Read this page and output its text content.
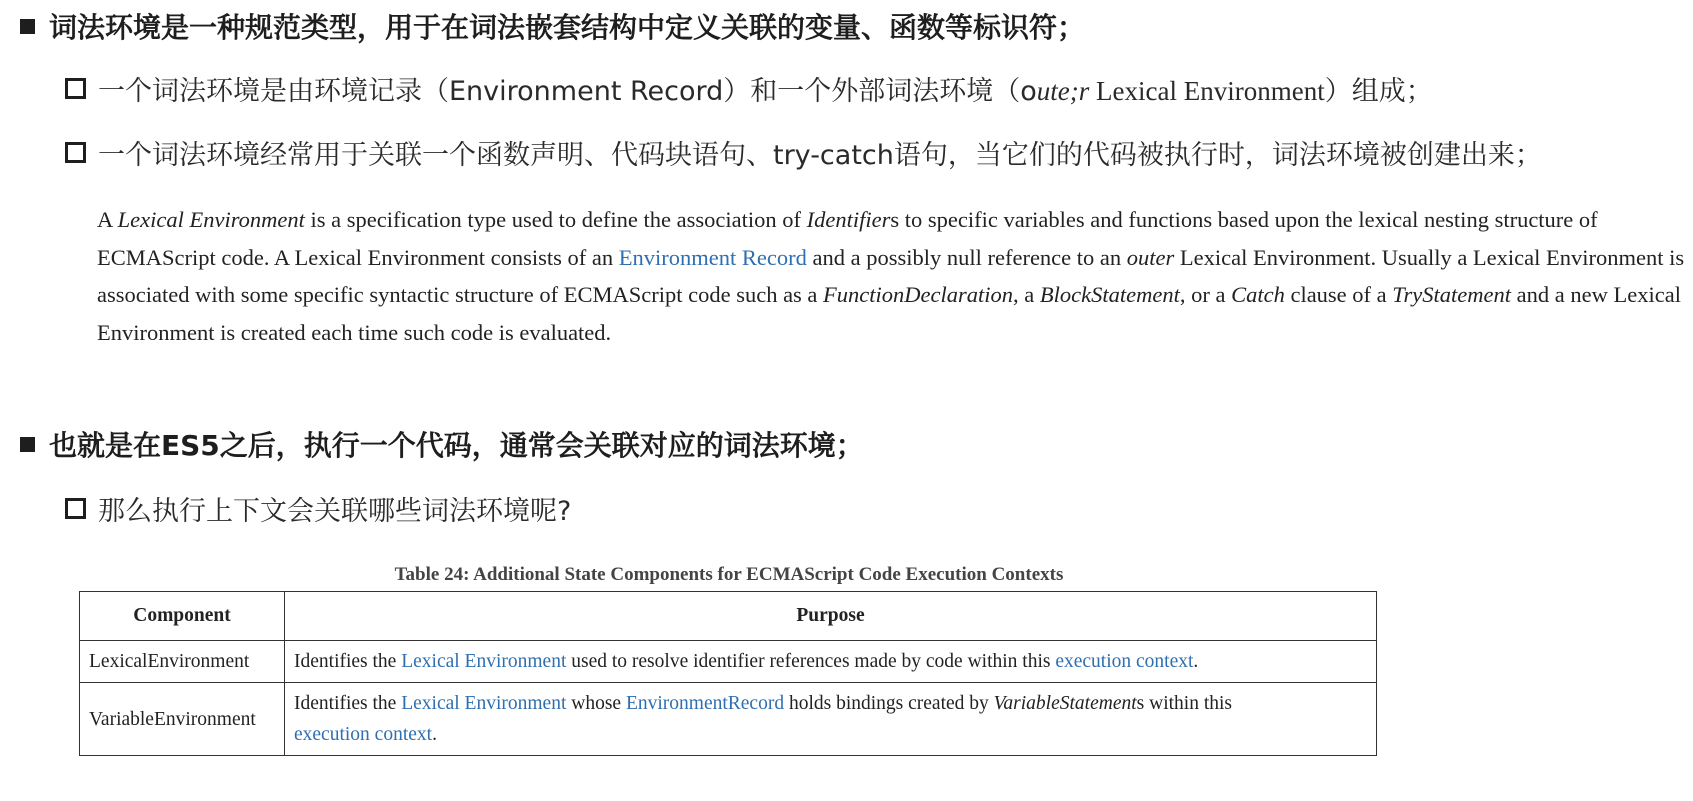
词法环境是一种规范类型，用于在词法嵌套结构中定义关联的变量、函数等标识符；
一个词法环境是由环境记录（Environment Record）和一个外部词法环境（oute;r Lexical Environment）组成；
一个词法环境经常用于关联一个函数声明、代码块语句、try-catch语句，当它们的代码被执行时，词法环境被创建出来；
A Lexical Environment is a specification type used to define the association of Identifiers to specific variables and functions based upon the lexical nesting structure of ECMAScript code. A Lexical Environment consists of an Environment Record and a possibly null reference to an outer Lexical Environment. Usually a Lexical Environment is associated with some specific syntactic structure of ECMAScript code such as a FunctionDeclaration, a BlockStatement, or a Catch clause of a TryStatement and a new Lexical Environment is created each time such code is evaluated.
也就是在ES5之后，执行一个代码，通常会关联对应的词法环境；
那么执行上下文会关联哪些词法环境呢?
Table 24: Additional State Components for ECMAScript Code Execution Contexts
Component	Purpose
LexicalEnvironment	Identifies the Lexical Environment used to resolve identifier references made by code within this execution context.
VariableEnvironment	Identifies the Lexical Environment whose EnvironmentRecord holds bindings created by VariableStatements within this
execution context.
